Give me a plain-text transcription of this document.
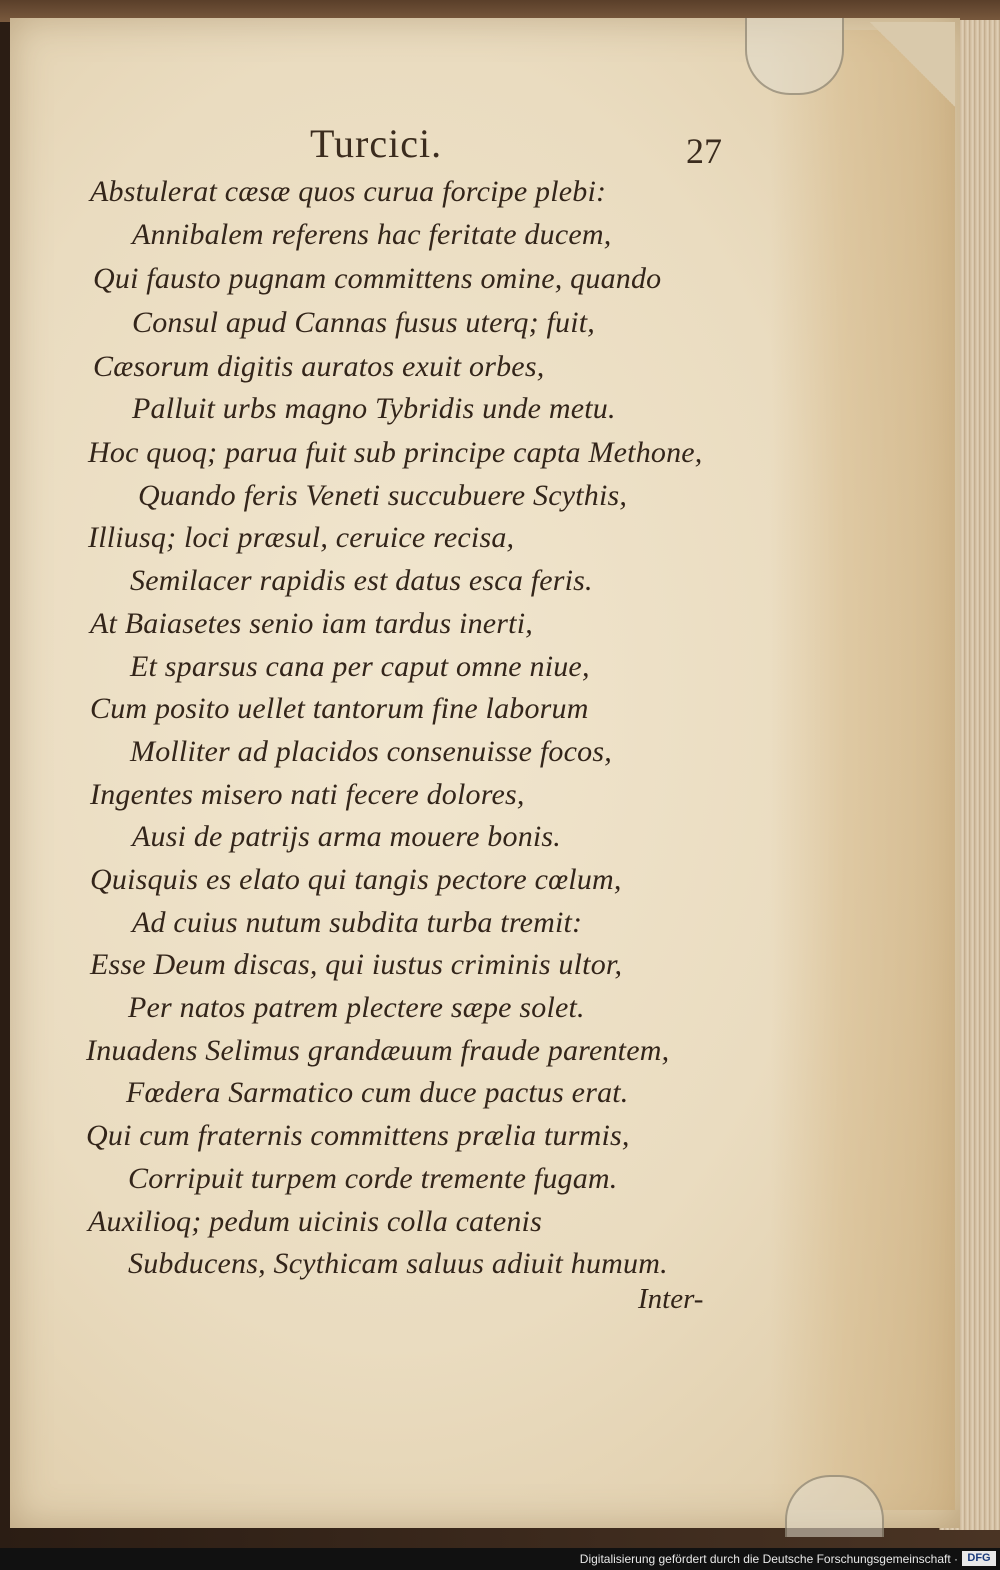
Turcici.	27
Abstulerat cæsæ quos curua forcipe plebi:
Annibalem referens hac feritate ducem,
Qui fausto pugnam committens omine, quando
Consul apud Cannas fusus uterq; fuit,
Cæsorum digitis auratos exuit orbes,
Palluit urbs magno Tybridis unde metu.
Hoc quoq; parua fuit sub principe capta Methone,
Quando feris Veneti succubuere Scythis,
Illiusq; loci præsul, ceruice recisa,
Semilacer rapidis est datus esca feris.
At Baiasetes senio iam tardus inerti,
Et sparsus cana per caput omne niue,
Cum posito uellet tantorum fine laborum
Molliter ad placidos consenuisse focos,
Ingentes misero nati fecere dolores,
Ausi de patrijs arma mouere bonis.
Quisquis es elato qui tangis pectore cœlum,
Ad cuius nutum subdita turba tremit:
Esse Deum discas, qui iustus criminis ultor,
Per natos patrem plectere sæpe solet.
Inuadens Selimus grandæuum fraude parentem,
Fœdera Sarmatico cum duce pactus erat.
Qui cum fraternis committens prælia turmis,
Corripuit turpem corde tremente fugam.
Auxilioq; pedum uicinis colla catenis
Subducens, Scythicam saluus adiuit humum.
Inter-
Digitalisierung gefördert durch die Deutsche Forschungsgemeinschaft · DFG
